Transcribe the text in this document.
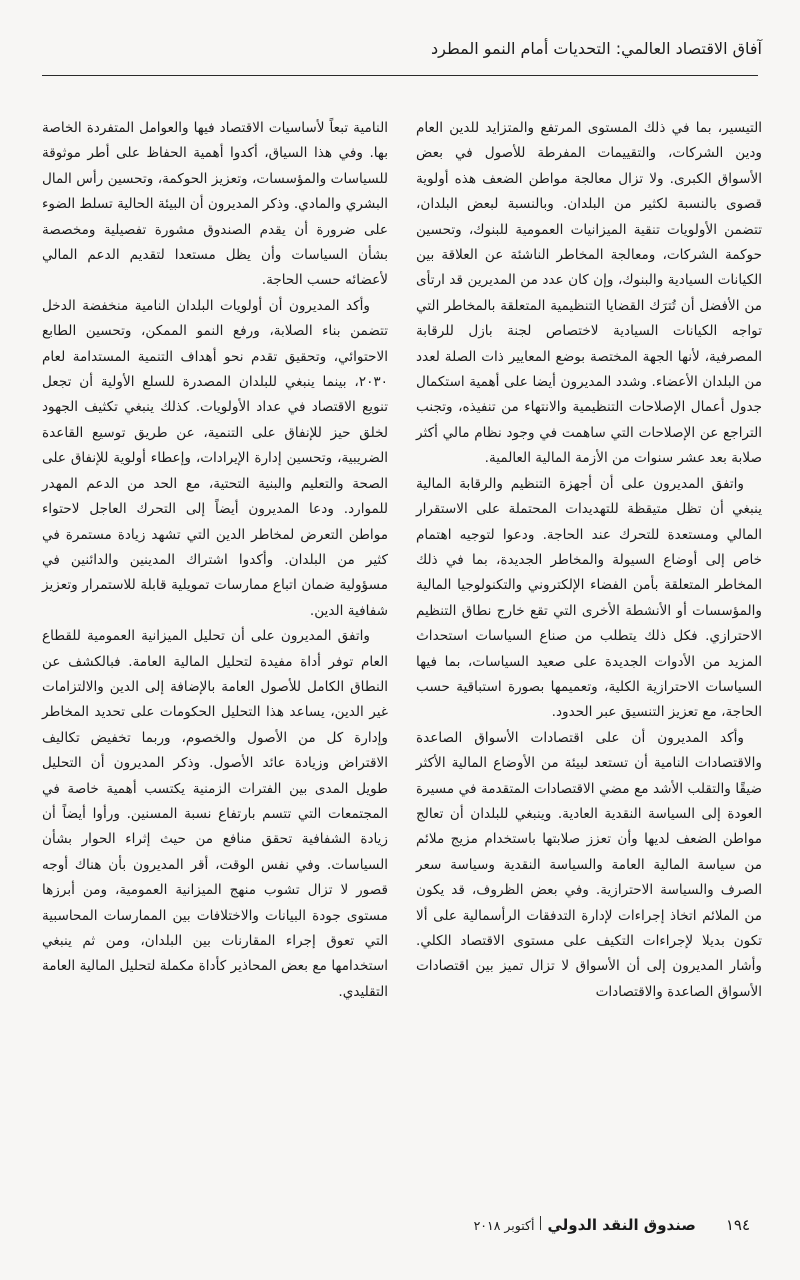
آفاق الاقتصاد العالمي: التحديات أمام النمو المطرد

التيسير، بما في ذلك المستوى المرتفع والمتزايد للدين العام ودين الشركات، والتقييمات المفرطة للأصول في بعض الأسواق الكبرى. ولا تزال معالجة مواطن الضعف هذه أولوية قصوى بالنسبة لكثير من البلدان. وبالنسبة لبعض البلدان، تتضمن الأولويات تنقية الميزانيات العمومية للبنوك، وتحسين حوكمة الشركات، ومعالجة المخاطر الناشئة عن العلاقة بين الكيانات السيادية والبنوك، وإن كان عدد من المديرين قد ارتأى من الأفضل أن تُترَك القضايا التنظيمية المتعلقة بالمخاطر التي تواجه الكيانات السيادية لاختصاص لجنة بازل للرقابة المصرفية، لأنها الجهة المختصة بوضع المعايير ذات الصلة لعدد من البلدان الأعضاء. وشدد المديرون أيضا على أهمية استكمال جدول أعمال الإصلاحات التنظيمية والانتهاء من تنفيذه، وتجنب التراجع عن الإصلاحات التي ساهمت في وجود نظام مالي أكثر صلابة بعد عشر سنوات من الأزمة المالية العالمية.

واتفق المديرون على أن أجهزة التنظيم والرقابة المالية ينبغي أن تظل متيقظة للتهديدات المحتملة على الاستقرار المالي ومستعدة للتحرك عند الحاجة. ودعوا لتوجيه اهتمام خاص إلى أوضاع السيولة والمخاطر الجديدة، بما في ذلك المخاطر المتعلقة بأمن الفضاء الإلكتروني والتكنولوجيا المالية والمؤسسات أو الأنشطة الأخرى التي تقع خارج نطاق التنظيم الاحترازي. فكل ذلك يتطلب من صناع السياسات استحداث المزيد من الأدوات الجديدة على صعيد السياسات، بما فيها السياسات الاحترازية الكلية، وتعميمها بصورة استباقية حسب الحاجة، مع تعزيز التنسيق عبر الحدود.

وأكد المديرون أن على اقتصادات الأسواق الصاعدة والاقتصادات النامية أن تستعد لبيئة من الأوضاع المالية الأكثر ضيقًا والتقلب الأشد مع مضي الاقتصادات المتقدمة في مسيرة العودة إلى السياسة النقدية العادية. وينبغي للبلدان أن تعالج مواطن الضعف لديها وأن تعزز صلابتها باستخدام مزيج ملائم من سياسة المالية العامة والسياسة النقدية وسياسة سعر الصرف والسياسة الاحترازية. وفي بعض الظروف، قد يكون من الملائم اتخاذ إجراءات لإدارة التدفقات الرأسمالية على ألا تكون بديلا لإجراءات التكيف على مستوى الاقتصاد الكلي. وأشار المديرون إلى أن الأسواق لا تزال تميز بين اقتصادات الأسواق الصاعدة والاقتصادات

النامية تبعاً لأساسيات الاقتصاد فيها والعوامل المتفردة الخاصة بها. وفي هذا السياق، أكدوا أهمية الحفاظ على أطر موثوقة للسياسات والمؤسسات، وتعزيز الحوكمة، وتحسين رأس المال البشري والمادي. وذكر المديرون أن البيئة الحالية تسلط الضوء على ضرورة أن يقدم الصندوق مشورة تفصيلية ومخصصة بشأن السياسات وأن يظل مستعدا لتقديم الدعم المالي لأعضائه حسب الحاجة.

وأكد المديرون أن أولويات البلدان النامية منخفضة الدخل تتضمن بناء الصلابة، ورفع النمو الممكن، وتحسين الطابع الاحتوائي، وتحقيق تقدم نحو أهداف التنمية المستدامة لعام ٢٠٣٠، بينما ينبغي للبلدان المصدرة للسلع الأولية أن تجعل تنويع الاقتصاد في عداد الأولويات. كذلك ينبغي تكثيف الجهود لخلق حيز للإنفاق على التنمية، عن طريق توسيع القاعدة الضريبية، وتحسين إدارة الإيرادات، وإعطاء أولوية للإنفاق على الصحة والتعليم والبنية التحتية، مع الحد من الدعم المهدر للموارد. ودعا المديرون أيضاً إلى التحرك العاجل لاحتواء مواطن التعرض لمخاطر الدين التي تشهد زيادة مستمرة في كثير من البلدان. وأكدوا اشتراك المدينين والدائنين في مسؤولية ضمان اتباع ممارسات تمويلية قابلة للاستمرار وتعزيز شفافية الدين.

واتفق المديرون على أن تحليل الميزانية العمومية للقطاع العام توفر أداة مفيدة لتحليل المالية العامة. فبالكشف عن النطاق الكامل للأصول العامة بالإضافة إلى الدين والالتزامات غير الدين، يساعد هذا التحليل الحكومات على تحديد المخاطر وإدارة كل من الأصول والخصوم، وربما تخفيض تكاليف الاقتراض وزيادة عائد الأصول. وذكر المديرون أن التحليل طويل المدى بين الفترات الزمنية يكتسب أهمية خاصة في المجتمعات التي تتسم بارتفاع نسبة المسنين. ورأوا أيضاً أن زيادة الشفافية تحقق منافع من حيث إثراء الحوار بشأن السياسات. وفي نفس الوقت، أقر المديرون بأن هناك أوجه قصور لا تزال تشوب منهج الميزانية العمومية، ومن أبرزها مستوى جودة البيانات والاختلافات بين الممارسات المحاسبية التي تعوق إجراء المقارنات بين البلدان، ومن ثم ينبغي استخدامها مع بعض المحاذير كأداة مكملة لتحليل المالية العامة التقليدي.

١٩٤
صندوق النقد الدولي
أكتوبر ٢٠١٨
